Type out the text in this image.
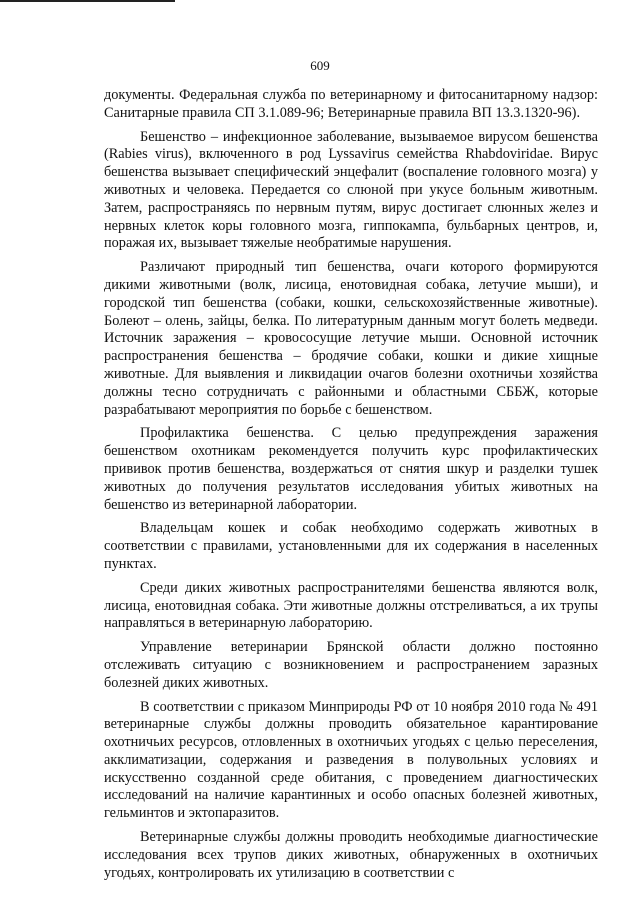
609

документы. Федеральная служба по ветеринарному и фитосанитарному надзор: Санитарные правила СП 3.1.089-96; Ветеринарные правила ВП 13.3.1320-96).

Бешенство – инфекционное заболевание, вызываемое вирусом бешенства (Rabies virus), включенного в род Lyssavirus семейства Rhabdoviridae. Вирус бешенства вызывает специфический энцефалит (воспаление головного мозга) у животных и человека. Передается со слюной при укусе больным животным. Затем, распространяясь по нервным путям, вирус достигает слюнных желез и нервных клеток коры головного мозга, гиппокампа, бульбарных центров, и, поражая их, вызывает тяжелые необратимые нарушения.

Различают природный тип бешенства, очаги которого формируются дикими животными (волк, лисица, енотовидная собака, летучие мыши), и городской тип бешенства (собаки, кошки, сельскохозяйственные животные). Болеют – олень, зайцы, белка. По литературным данным могут болеть медведи. Источник заражения – кровососущие летучие мыши. Основной источник распространения бешенства – бродячие собаки, кошки и дикие хищные животные. Для выявления и ликвидации очагов болезни охотничьи хозяйства должны тесно сотрудничать с районными и областными СББЖ, которые разрабатывают мероприятия по борьбе с бешенством.

Профилактика бешенства. С целью предупреждения заражения бешенством охотникам рекомендуется получить курс профилактических прививок против бешенства, воздержаться от снятия шкур и разделки тушек животных до получения результатов исследования убитых животных на бешенство из ветеринарной лаборатории.

Владельцам кошек и собак необходимо содержать животных в соответствии с правилами, установленными для их содержания в населенных пунктах.

Среди диких животных распространителями бешенства являются волк, лисица, енотовидная собака. Эти животные должны отстреливаться, а их трупы направляться в ветеринарную лабораторию.

Управление ветеринарии Брянской области должно постоянно отслеживать ситуацию с возникновением и распространением заразных болезней диких животных.

В соответствии с приказом Минприроды РФ от 10 ноября 2010 года № 491 ветеринарные службы должны проводить обязательное карантирование охотничьих ресурсов, отловленных в охотничьих угодьях с целью переселения, акклиматизации, содержания и разведения в полувольных условиях и искусственно созданной среде обитания, с проведением диагностических исследований на наличие карантинных и особо опасных болезней животных, гельминтов и эктопаразитов.

Ветеринарные службы должны проводить необходимые диагностические исследования всех трупов диких животных, обнаруженных в охотничьих угодьях, контролировать их утилизацию в соответствии с
